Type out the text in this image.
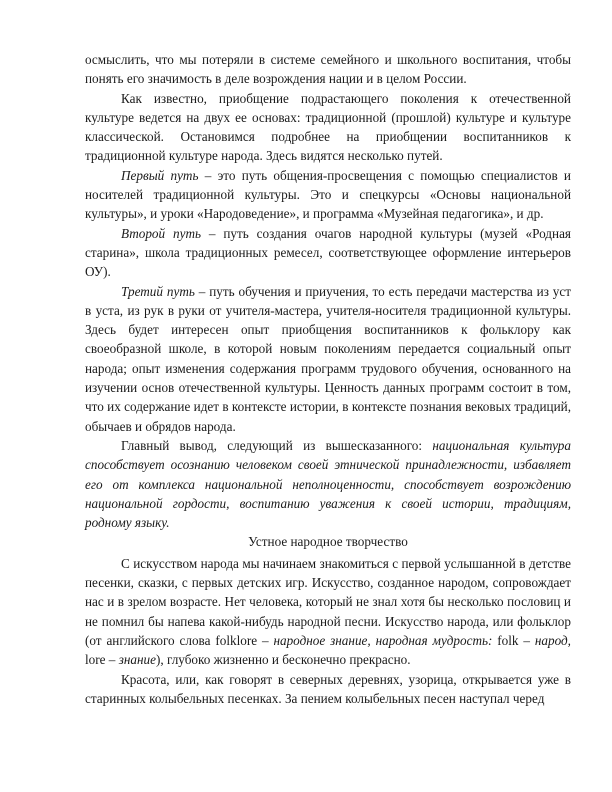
осмыслить, что мы потеряли в системе семейного и школьного воспитания, чтобы понять его значимость в деле возрождения нации и в целом России.

Как известно, приобщение подрастающего поколения к отечественной культуре ведется на двух ее основах: традиционной (прошлой) культуре и культуре классической. Остановимся подробнее на приобщении воспитанников к традиционной культуре народа. Здесь видятся несколько путей.

Первый путь – это путь общения-просвещения с помощью специалистов и носителей традиционной культуры. Это и спецкурсы «Основы национальной культуры», и уроки «Народоведение», и программа «Музейная педагогика», и др.

Второй путь – путь создания очагов народной культуры (музей «Родная старина», школа традиционных ремесел, соответствующее оформление интерьеров ОУ).

Третий путь – путь обучения и приучения, то есть передачи мастерства из уст в уста, из рук в руки от учителя-мастера, учителя-носителя традиционной культуры. Здесь будет интересен опыт приобщения воспитанников к фольклору как своеобразной школе, в которой новым поколениям передается социальный опыт народа; опыт изменения содержания программ трудового обучения, основанного на изучении основ отечественной культуры. Ценность данных программ состоит в том, что их содержание идет в контексте истории, в контексте познания вековых традиций, обычаев и обрядов народа.

Главный вывод, следующий из вышесказанного: национальная культура способствует осознанию человеком своей этнической принадлежности, избавляет его от комплекса национальной неполноценности, способствует возрождению национальной гордости, воспитанию уважения к своей истории, традициям, родному языку.

Устное народное творчество

С искусством народа мы начинаем знакомиться с первой услышанной в детстве песенки, сказки, с первых детских игр. Искусство, созданное народом, сопровождает нас и в зрелом возрасте. Нет человека, который не знал хотя бы несколько пословиц и не помнил бы напева какой-нибудь народной песни. Искусство народа, или фольклор (от английского слова folklore – народное знание, народная мудрость: folk – народ, lore – знание), глубоко жизненно и бесконечно прекрасно.

Красота, или, как говорят в северных деревнях, узорица, открывается уже в старинных колыбельных песенках. За пением колыбельных песен наступал черед
